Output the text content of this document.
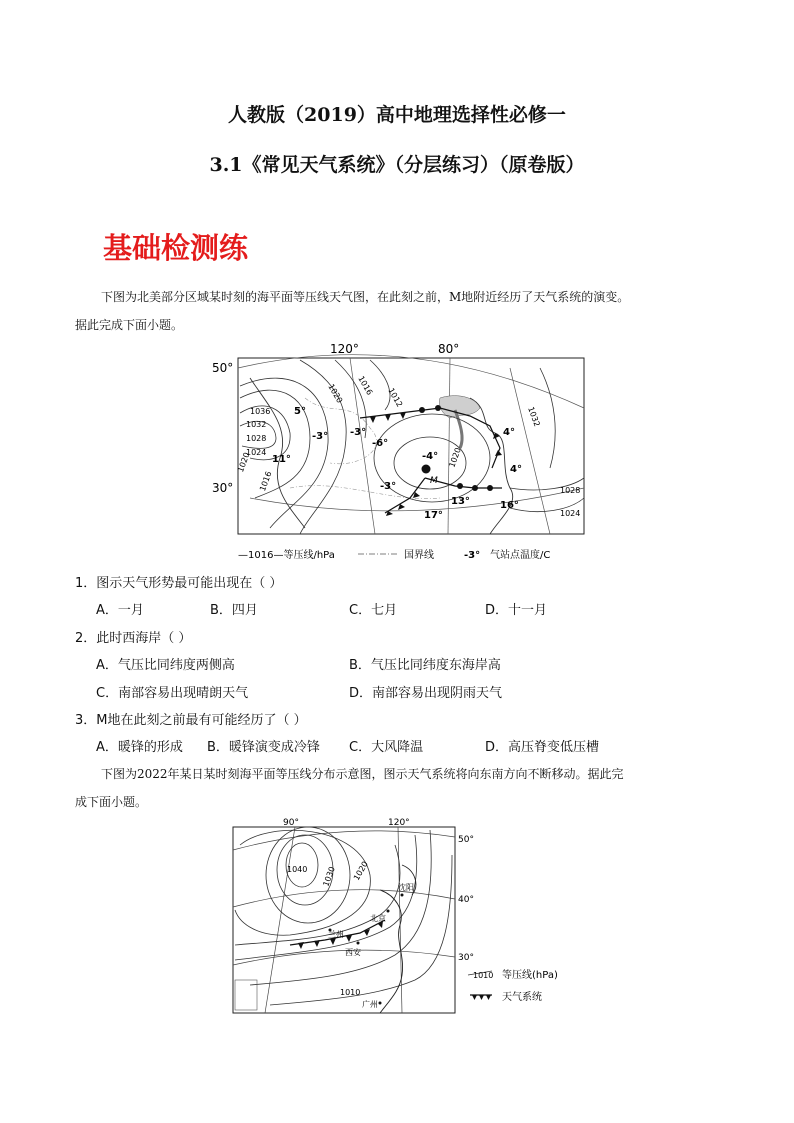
人教版（2019）高中地理选择性必修一
3.1《常见天气系统》（分层练习）（原卷版）
基础检测练
下图为北美部分区域某时刻的海平面等压线天气图，在此刻之前，M地附近经历了天气系统的演变。
据此完成下面小题。
120°	80°
50°
30°
1036
1032
1028
1024
1020
1016
1012
1016
1020
1020
1024
1028
1032
5°
-3° -3°
-6°
11°	-4°
-3°
4°
4°
13°
17°
16°
M
—1016—等压线/hPa	国界线	-3° 气站点温度/C
1．图示天气形势最可能出现在（ ）
A．一月	B．四月	C．七月	D．十一月
2．此时西海岸（ ）
A．气压比同纬度两侧高	B．气压比同纬度东海岸高
C．南部容易出现晴朗天气	D．南部容易出现阴雨天气
3．M地在此刻之前最有可能经历了（ ）
A．暖锋的形成 B．暖锋演变成冷锋 C．大风降温	D．高压脊变低压槽
下图为2022年某日某时刻海平面等压线分布示意图，图示天气系统将向东南方向不断移动。据此完
成下面小题。
90°	120°
50°
40°
30°
1040 1030 1020
1010
沈阳
北京
兰州
西安
广州
1010 等压线(hPa)
天气系统
